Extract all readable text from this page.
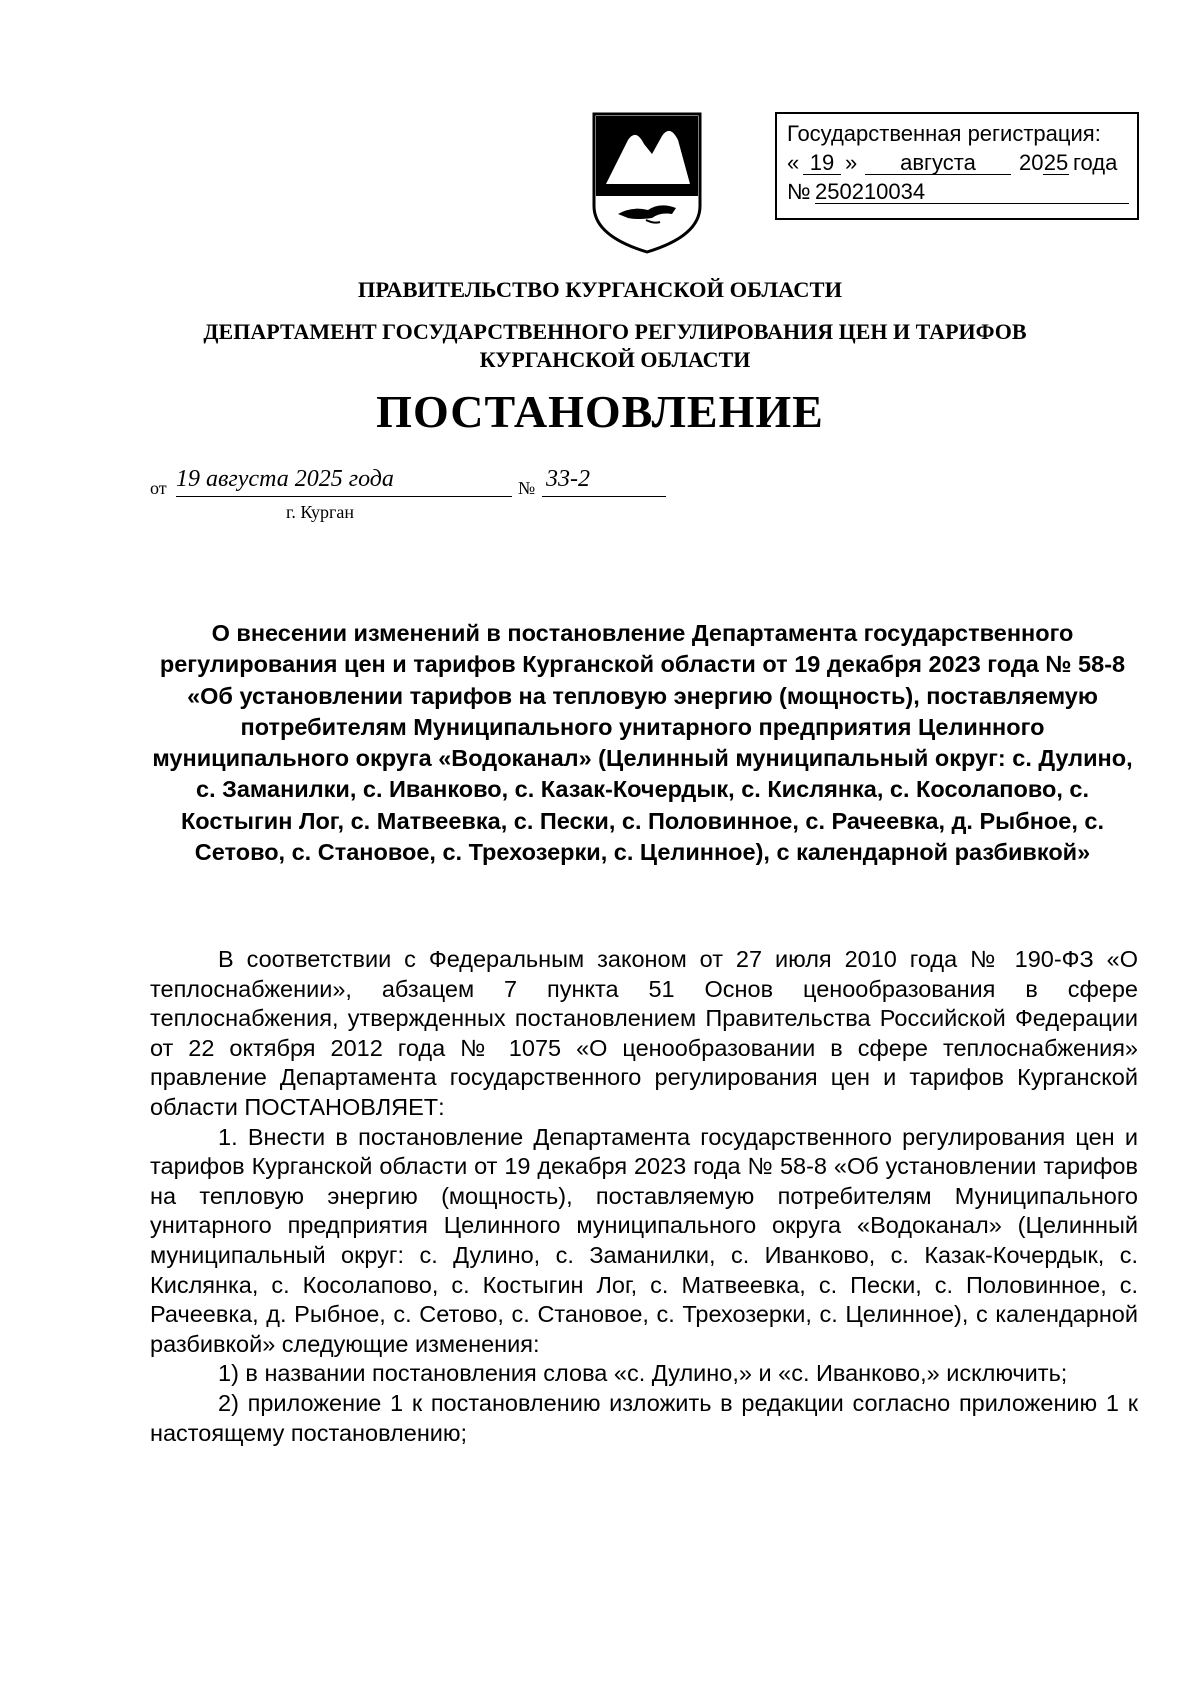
Государственная регистрация:
« 19 »	августа	20 25 года
№ 250210034
ПРАВИТЕЛЬСТВО КУРГАНСКОЙ ОБЛАСТИ
ДЕПАРТАМЕНТ ГОСУДАРСТВЕННОГО РЕГУЛИРОВАНИЯ ЦЕН И ТАРИФОВ КУРГАНСКОЙ ОБЛАСТИ
ПОСТАНОВЛЕНИЕ
от 19 августа 2025 года	№ 33-2
г. Курган
О внесении изменений в постановление Департамента государственного регулирования цен и тарифов Курганской области от 19 декабря 2023 года № 58-8 «Об установлении тарифов на тепловую энергию (мощность), поставляемую потребителям Муниципального унитарного предприятия Целинного муниципального округа «Водоканал» (Целинный муниципальный округ: с. Дулино, с. Заманилки, с. Иванково, с. Казак-Кочердык, с. Кислянка, с. Косолапово, с. Костыгин Лог, с. Матвеевка, с. Пески, с. Половинное, с. Рачеевка, д. Рыбное, с. Сетово, с. Становое, с. Трехозерки, с. Целинное), с календарной разбивкой»

В соответствии с Федеральным законом от 27 июля 2010 года № 190-ФЗ «О теплоснабжении», абзацем 7 пункта 51 Основ ценообразования в сфере теплоснабжения, утвержденных постановлением Правительства Российской Федерации от 22 октября 2012 года № 1075 «О ценообразовании в сфере теплоснабжения» правление Департамента государственного регулирования цен и тарифов Курганской области ПОСТАНОВЛЯЕТ:

1. Внести в постановление Департамента государственного регулирования цен и тарифов Курганской области от 19 декабря 2023 года № 58-8 «Об установлении тарифов на тепловую энергию (мощность), поставляемую потребителям Муниципального унитарного предприятия Целинного муниципального округа «Водоканал» (Целинный муниципальный округ: с. Дулино, с. Заманилки, с. Иванково, с. Казак-Кочердык, с. Кислянка, с. Косолапово, с. Костыгин Лог, с. Матвеевка, с. Пески, с. Половинное, с. Рачеевка, д. Рыбное, с. Сетово, с. Становое, с. Трехозерки, с. Целинное), с календарной разбивкой» следующие изменения:

1) в названии постановления слова «с. Дулино,» и «с. Иванково,» исключить;

2) приложение 1 к постановлению изложить в редакции согласно приложению 1 к настоящему постановлению;
